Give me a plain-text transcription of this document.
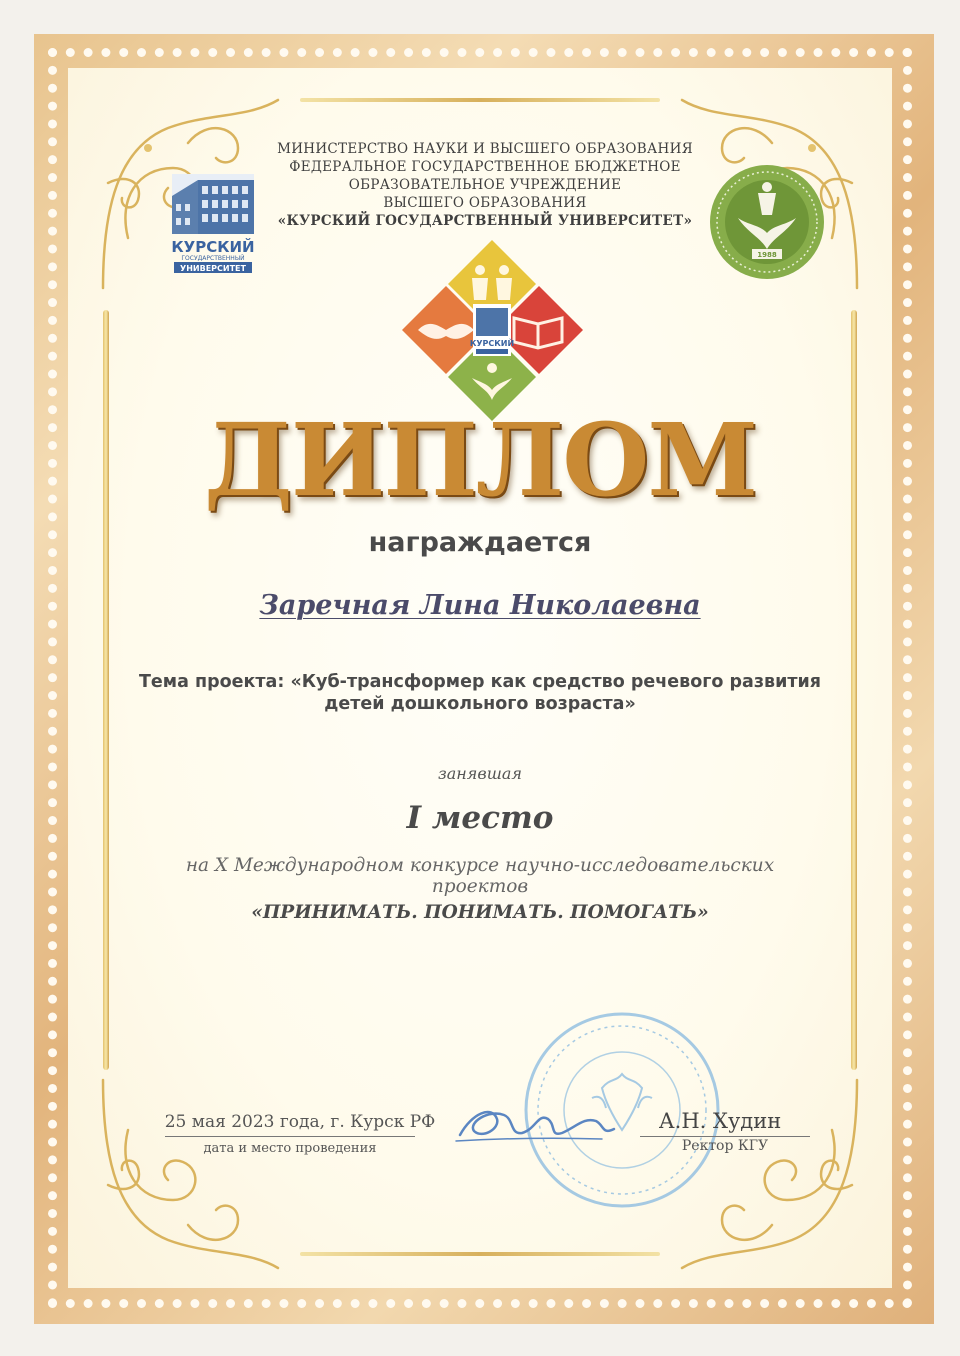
КУРСКИЙ
ГОСУДАРСТВЕННЫЙ
УНИВЕРСИТЕТ
МИНИСТЕРСТВО НАУКИ И ВЫСШЕГО ОБРАЗОВАНИЯ
ФЕДЕРАЛЬНОЕ ГОСУДАРСТВЕННОЕ БЮДЖЕТНОЕ
ОБРАЗОВАТЕЛЬНОЕ УЧРЕЖДЕНИЕ
ВЫСШЕГО ОБРАЗОВАНИЯ
«КУРСКИЙ ГОСУДАРСТВЕННЫЙ УНИВЕРСИТЕТ»
1988
КУРСКИЙ
ДИПЛОМ
награждается
Заречная Лина Николаевна
Тема проекта: «Куб-трансформер как средство речевого развития
детей дошкольного возраста»
занявшая
I место
на X Международном конкурсе научно-исследовательских
проектов
«ПРИНИМАТЬ. ПОНИМАТЬ. ПОМОГАТЬ»
25 мая 2023 года, г. Курск РФ
дата и место проведения
А.Н. Худин
Ректор КГУ
